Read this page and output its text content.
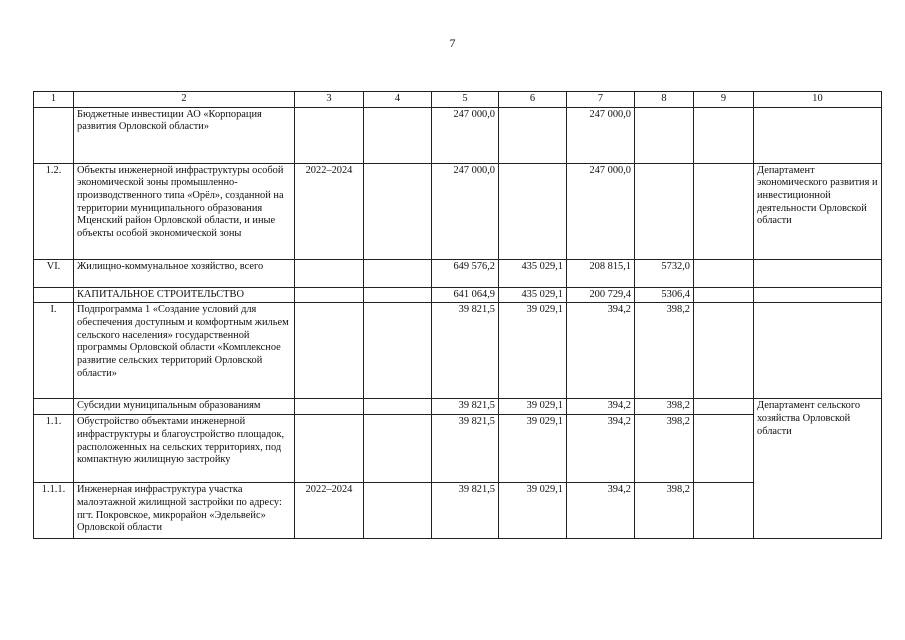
7
1	2	3	4	5	6	7	8	9	10
	Бюджетные инвестиции АО «Корпорация развития Орловской области»			247 000,0		247 000,0			
1.2.	Объекты инженерной инфраструктуры особой экономической зоны промышленно-производственного типа «Орёл», созданной на территории муниципального образования Мценский район Орловской области, и иные объекты особой экономической зоны	2022–2024		247 000,0		247 000,0			Департамент экономического развития и инвестиционной деятельности Орловской области
VI.	Жилищно-коммунальное хозяйство, всего			649 576,2	435 029,1	208 815,1	5732,0		
	КАПИТАЛЬНОЕ СТРОИТЕЛЬСТВО			641 064,9	435 029,1	200 729,4	5306,4		
I.	Подпрограмма 1 «Создание условий для обеспечения доступным и комфортным жильем сельского населения» государственной программы Орловской области «Комплексное развитие сельских территорий Орловской области»			39 821,5	39 029,1	394,2	398,2		
	Субсидии муниципальным образованиям			39 821,5	39 029,1	394,2	398,2		Департамент сельского хозяйства Орловской области
1.1.	Обустройство объектами инженерной инфраструктуры и благоустройство площадок, расположенных на сельских территориях, под компактную жилищную застройку			39 821,5	39 029,1	394,2	398,2		
1.1.1.	Инженерная инфраструктура участка малоэтажной жилищной застройки по адресу: пгт. Покровское, микрорайон «Эдельвейс» Орловской области	2022–2024		39 821,5	39 029,1	394,2	398,2		
